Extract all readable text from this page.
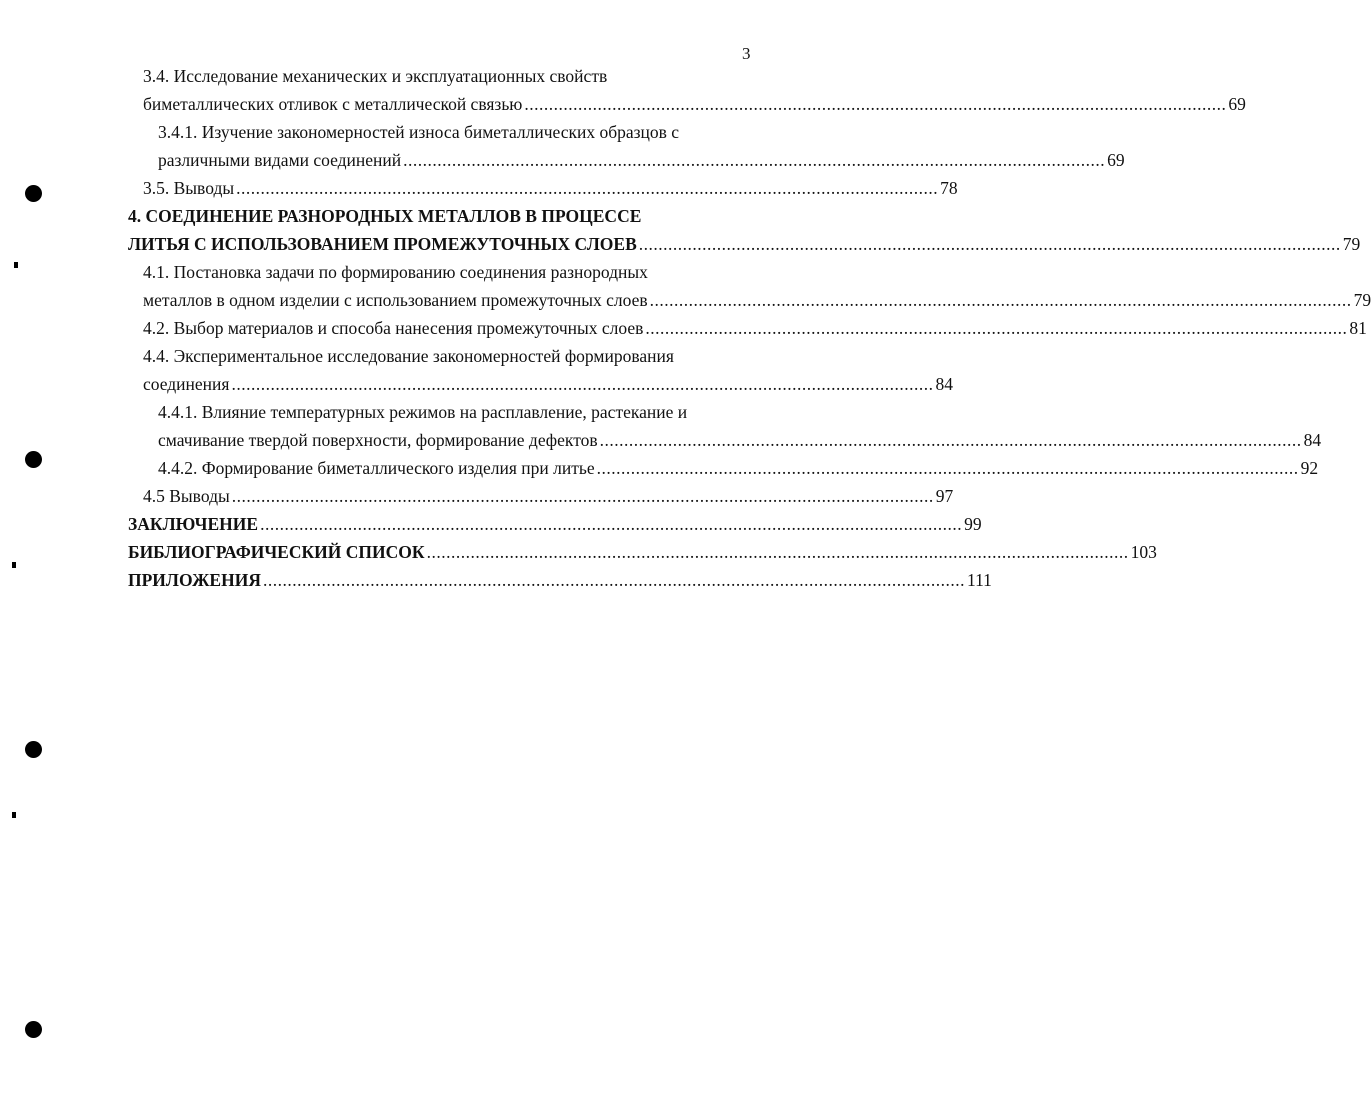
3
3.4. Исследование механических и эксплуатационных свойств
биметаллических отливок с металлической связью ................................................................................................................................................ 69
3.4.1. Изучение закономерностей износа биметаллических образцов с
различными видами соединений ................................................................................................................................................ 69
3.5. Выводы ................................................................................................................................................ 78
4. СОЕДИНЕНИЕ РАЗНОРОДНЫХ МЕТАЛЛОВ В ПРОЦЕССЕ
ЛИТЬЯ С ИСПОЛЬЗОВАНИЕМ ПРОМЕЖУТОЧНЫХ СЛОЕВ ................................................................................................................................................ 79
4.1. Постановка задачи по формированию соединения разнородных
металлов в одном изделии с использованием промежуточных слоев ................................................................................................................................................ 79
4.2. Выбор материалов и способа нанесения промежуточных слоев ................................................................................................................................................ 81
4.4. Экспериментальное исследование закономерностей формирования
соединения ................................................................................................................................................ 84
4.4.1. Влияние температурных режимов на расплавление, растекание и
смачивание твердой поверхности, формирование дефектов ................................................................................................................................................ 84
4.4.2. Формирование биметаллического изделия при литье ................................................................................................................................................ 92
4.5 Выводы ................................................................................................................................................ 97
ЗАКЛЮЧЕНИЕ ................................................................................................................................................ 99
БИБЛИОГРАФИЧЕСКИЙ СПИСОК ................................................................................................................................................ 103
ПРИЛОЖЕНИЯ ................................................................................................................................................ 111
